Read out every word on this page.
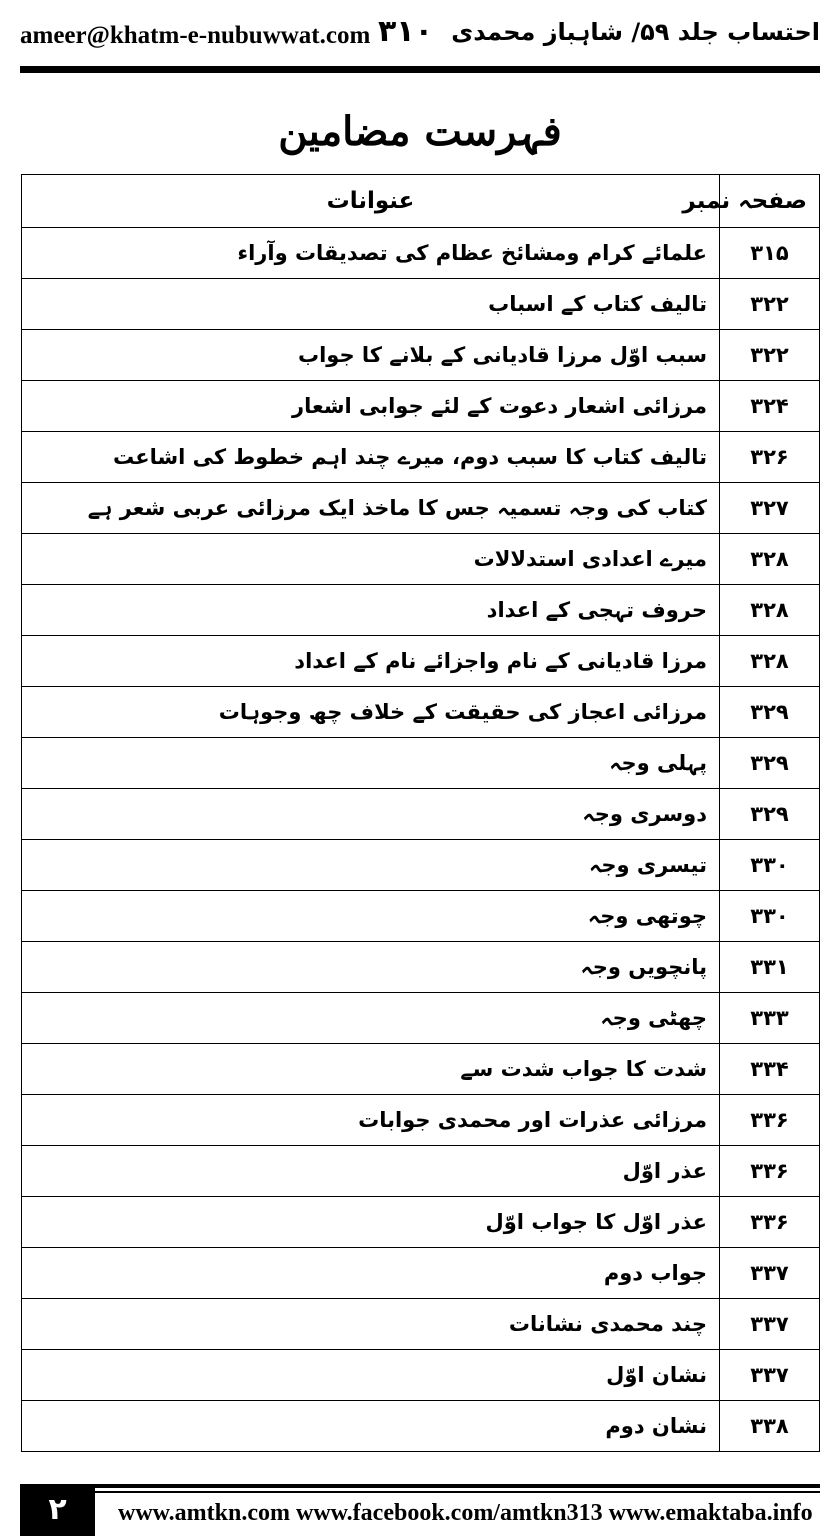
ameer@khatm-e-nubuwwat.com ۳۱۰ احتساب جلد ۵۹/ شاہباز محمدی
فہرست مضامین
صفحہ نمبر	عنوانات
۳۱۵	علمائے کرام ومشائخ عظام کی تصدیقات وآراء
۳۲۲	تالیف کتاب کے اسباب
۳۲۲	سبب اوّل مرزا قادیانی کے بلانے کا جواب
۳۲۴	مرزائی اشعار دعوت کے لئے جوابی اشعار
۳۲۶	تالیف کتاب کا سبب دوم، میرے چند اہم خطوط کی اشاعت
۳۲۷	کتاب کی وجہ تسمیہ جس کا ماخذ ایک مرزائی عربی شعر ہے
۳۲۸	میرے اعدادی استدلالات
۳۲۸	حروف تہجی کے اعداد
۳۲۸	مرزا قادیانی کے نام واجزائے نام کے اعداد
۳۲۹	مرزائی اعجاز کی حقیقت کے خلاف چھ وجوہات
۳۲۹	پہلی وجہ
۳۲۹	دوسری وجہ
۳۳۰	تیسری وجہ
۳۳۰	چوتھی وجہ
۳۳۱	پانچویں وجہ
۳۳۳	چھٹی وجہ
۳۳۴	شدت کا جواب شدت سے
۳۳۶	مرزائی عذرات اور محمدی جوابات
۳۳۶	عذر اوّل
۳۳۶	عذر اوّل کا جواب اوّل
۳۳۷	جواب دوم
۳۳۷	چند محمدی نشانات
۳۳۷	نشان اوّل
۳۳۸	نشان دوم
۲	www.amtkn.com www.facebook.com/amtkn313 www.emaktaba.info
